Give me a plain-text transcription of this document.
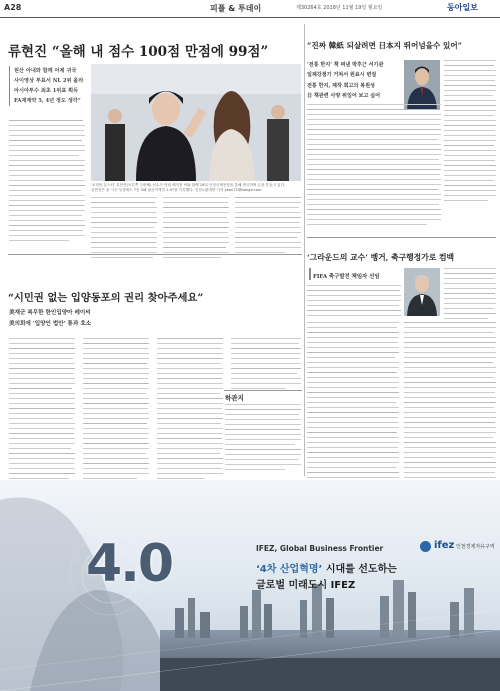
A28	피플 & 투데이	제30264호 2018년 11월 19일 월요일	동아일보
류현진 “올해 내 점수 100점 만점에 99점”
원산 아내와 함께 어제 귀국
사이영상 투표서 NL 2위 올라
아시아투수 최초 1위표 획득
FA재계약 5, 4년 정도 생각”
'코리안 몬스터' 류현진(오른쪽 두번째) 선수가 아내 배지현 씨와 함께 18일 인천국제공항을 통해 귀국하며 손을 흔들고 있다.
류현진은 올 시즌 부상에도 7승 3패 평균자책점 1.97을 기록했다. 인천=원대연 기자 yeon72@donga.com
“시민권 없는 입양동포의 권리 찾아주세요”
美재군 복무한 한인입양아 레이씨
美의회에 ‘입양인 법안’ 통과 호소
하관지
“진짜 韓紙 되살려면 日本지 뛰어넘을수 있어”
‘전통 한지’ 책 펴낸 박후근 서기관
일제강점기 거쳐서 원료시 변질
전통 한지, 제작 회고의 복원성
日 책관련 사양 위임어 보고 싶어
‘그라운드의 교수’ 벵거, 축구행정가로 컴백
FIFA 축구발전 책임자 선임
4.0	ifez 인천경제자유구역
IFEZ, Global Business Frontier
‘4차 산업혁명’ 시대를 선도하는
글로벌 미래도시 IFEZ
